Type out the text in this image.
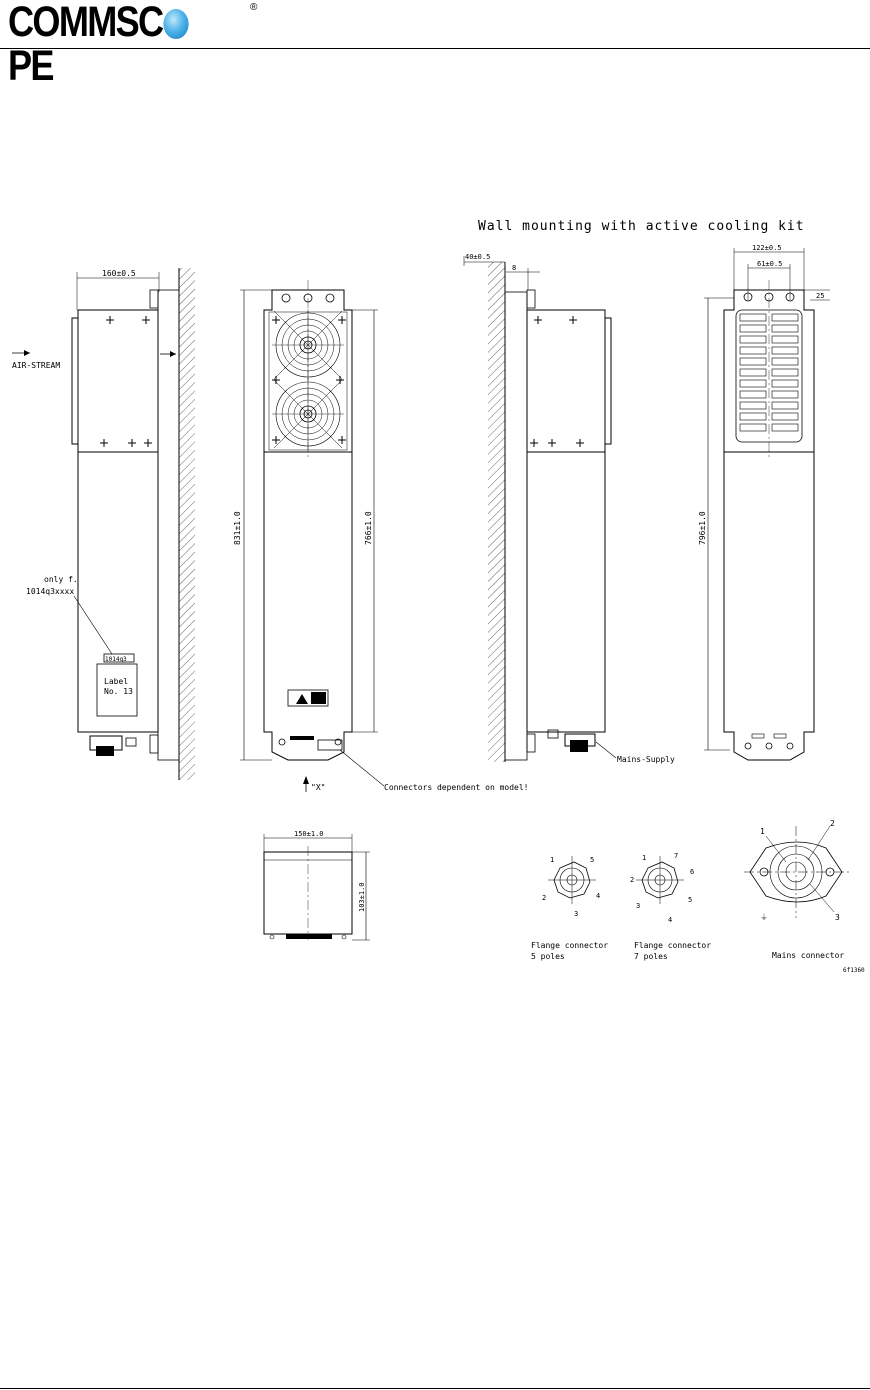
COMMSCPE
®
Wall mounting with active cooling kit
160±0.5
AIR-STREAM
only f.
1014q3xxxx
1014q3
Label
No. 13
831±1.0	766±1.0
"X"	Connectors dependent on model!
40±0.5
8
Mains-Supply
122±0.5
61±0.5
25
796±1.0
150±1.0
103±1.0
1	5
2	4
3
Flange connector
5 poles
1	7
2
6
3
5
4
Flange connector
7 poles
1
2
3
⏚
Mains connector
6f1360
